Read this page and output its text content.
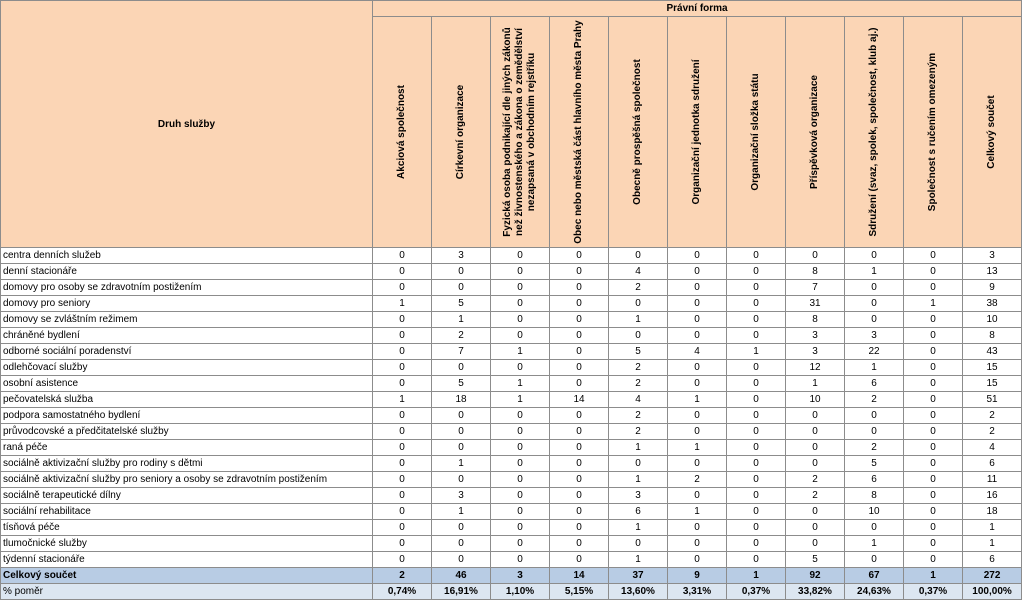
Druh služby	Právní forma										

	Akciová společnost	Církevní organizace	Fyzická osoba podnikající dle jiných zákonů než živnostenského a zákona o zemědělství nezapsaná v obchodním rejstříku	Obec nebo městská část hlavního města Prahy	Obecně prospěšná společnost	Organizační jednotka sdružení	Organizační složka státu	Příspěvková organizace	Sdružení (svaz, spolek, společnost, klub aj.)	Společnost s ručením omezeným	Celkový součet

centra denních služeb	0	3	0	0	0	0	0	0	0	0	3
denní stacionáře	0	0	0	0	4	0	0	8	1	0	13
domovy pro osoby se zdravotním postižením	0	0	0	0	2	0	0	7	0	0	9
domovy pro seniory	1	5	0	0	0	0	0	31	0	1	38
domovy se zvláštním režimem	0	1	0	0	1	0	0	8	0	0	10
chráněné bydlení	0	2	0	0	0	0	0	3	3	0	8
odborné sociální poradenství	0	7	1	0	5	4	1	3	22	0	43
odlehčovací služby	0	0	0	0	2	0	0	12	1	0	15
osobní asistence	0	5	1	0	2	0	0	1	6	0	15
pečovatelská služba	1	18	1	14	4	1	0	10	2	0	51
podpora samostatného bydlení	0	0	0	0	2	0	0	0	0	0	2
průvodcovské a předčitatelské služby	0	0	0	0	2	0	0	0	0	0	2
raná péče	0	0	0	0	1	1	0	0	2	0	4
sociálně aktivizační služby pro rodiny s dětmi	0	1	0	0	0	0	0	0	5	0	6
sociálně aktivizační služby pro seniory a osoby se zdravotním postižením	0	0	0	0	1	2	0	2	6	0	11
sociálně terapeutické dílny	0	3	0	0	3	0	0	2	8	0	16
sociální rehabilitace	0	1	0	0	6	1	0	0	10	0	18
tísňová péče	0	0	0	0	1	0	0	0	0	0	1
tlumočnické služby	0	0	0	0	0	0	0	0	1	0	1
týdenní stacionáře	0	0	0	0	1	0	0	5	0	0	6
Celkový součet	2	46	3	14	37	9	1	92	67	1	272
% poměr	0,74%	16,91%	1,10%	5,15%	13,60%	3,31%	0,37%	33,82%	24,63%	0,37%	100,00%
